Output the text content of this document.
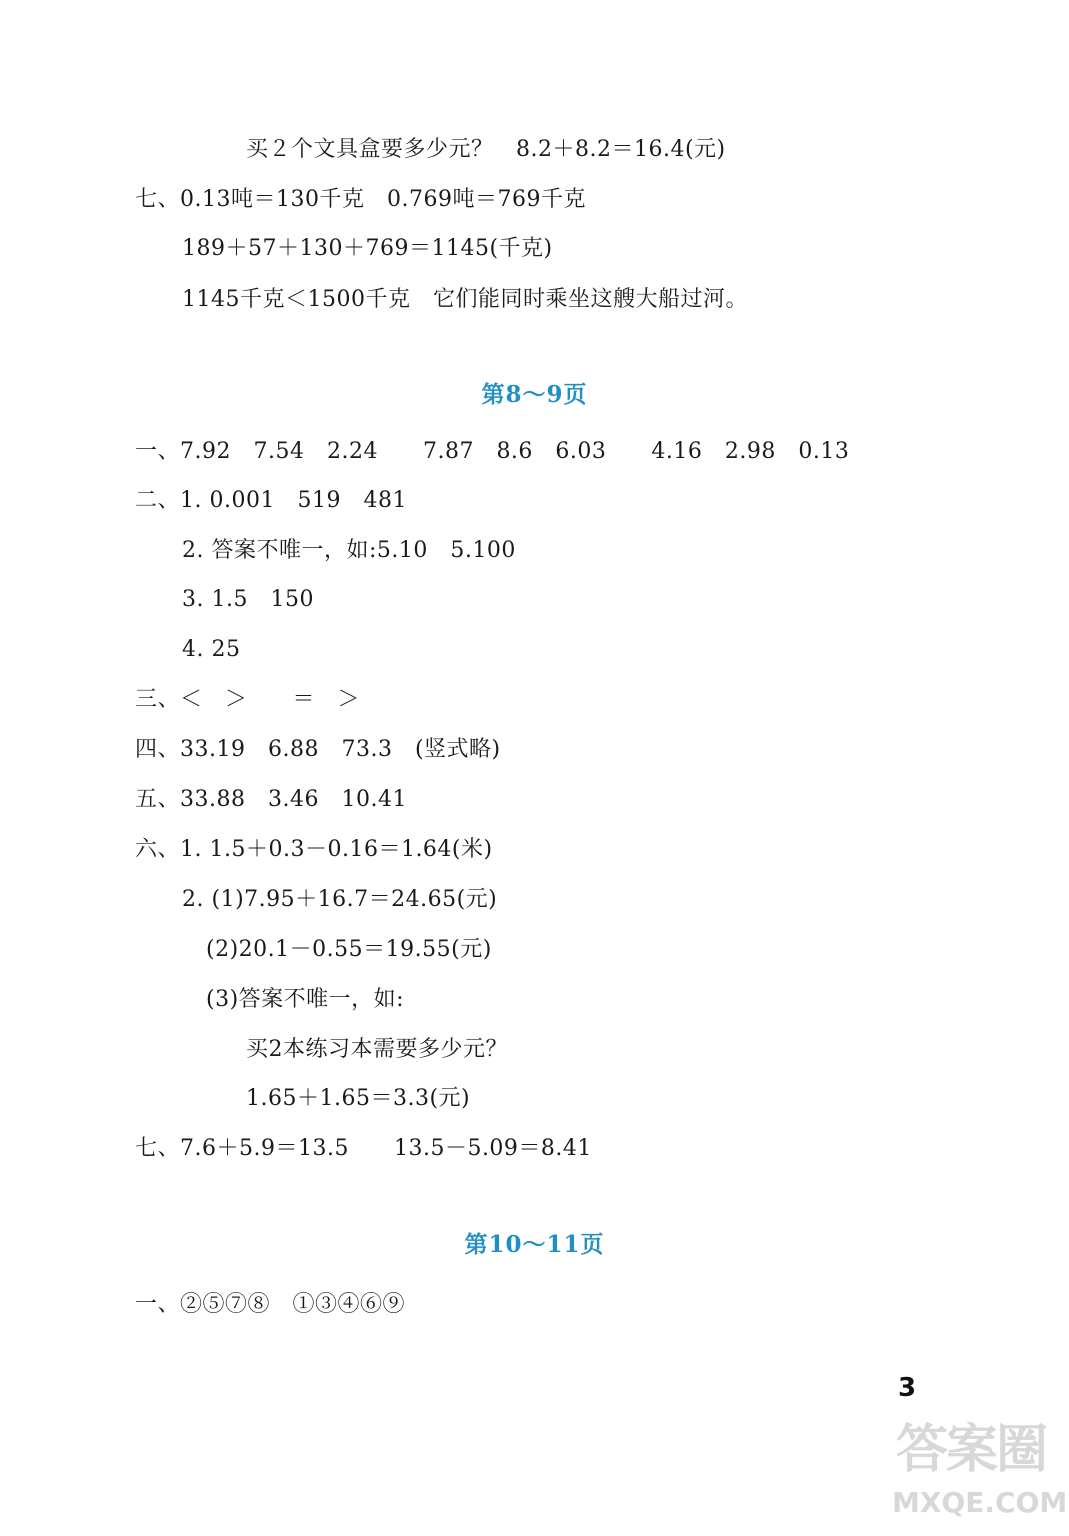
买２个文具盒要多少元？　8.2＋8.2＝16.4(元)
七、0.13吨＝130千克　0.769吨＝769千克
189＋57＋130＋769＝1145(千克)
1145千克＜1500千克　它们能同时乘坐这艘大船过河。
第8～9页
一、7.92　7.54　2.24　　7.87　8.6　6.03　　4.16　2.98　0.13
二、1. 0.001　519　481
2. 答案不唯一，如:5.10　5.100
3. 1.5　150
4. 25
三、＜　＞　　＝　＞
四、33.19　6.88　73.3　(竖式略)
五、33.88　3.46　10.41
六、1. 1.5＋0.3－0.16＝1.64(米)
2. (1)7.95＋16.7＝24.65(元)
(2)20.1－0.55＝19.55(元)
(3)答案不唯一，如:
买2本练习本需要多少元？
1.65＋1.65＝3.3(元)
七、7.6＋5.9＝13.5　　13.5－5.09＝8.41
第10～11页
一、②⑤⑦⑧　①③④⑥⑨
3
答案圈
MXQE.COM
